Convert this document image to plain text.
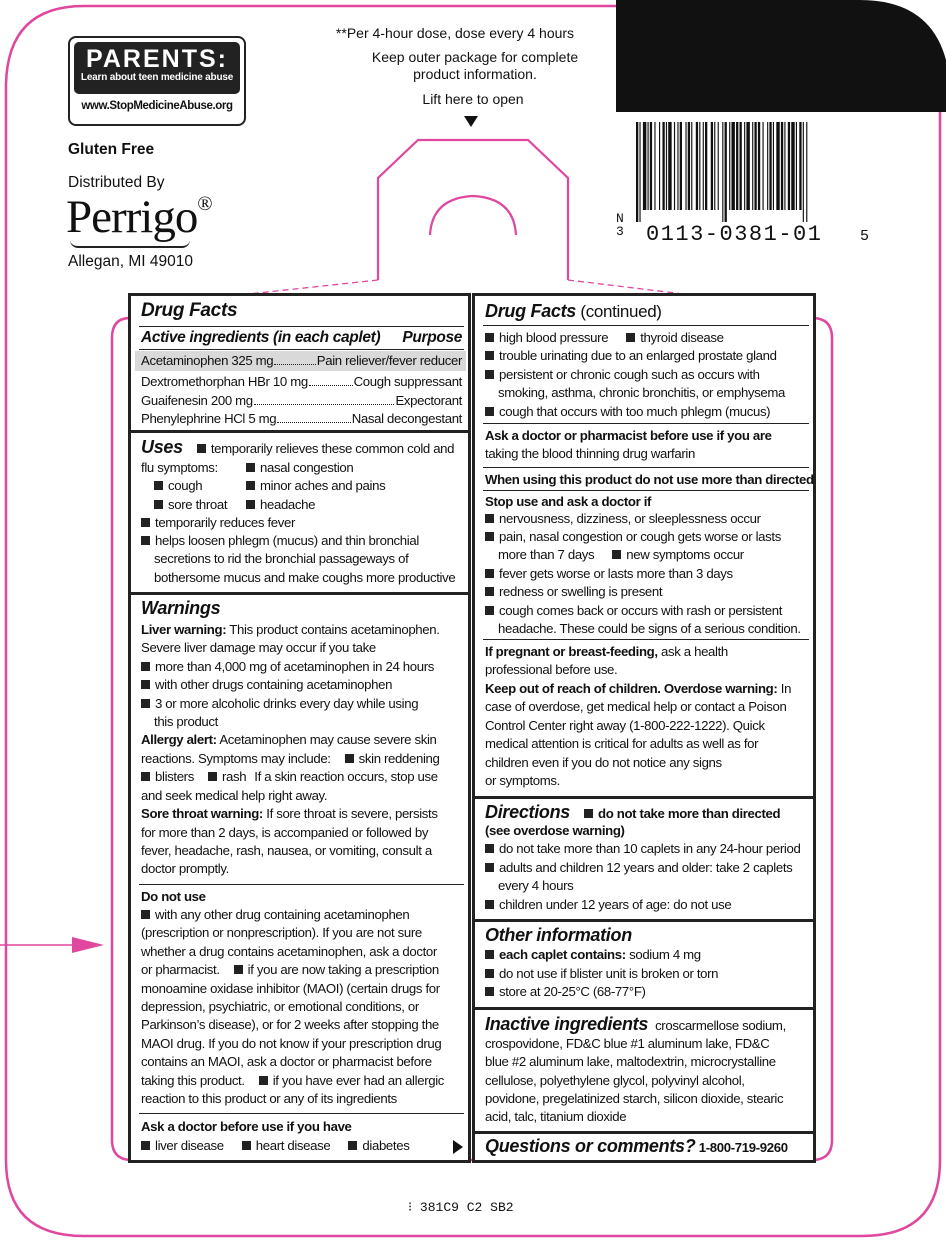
**Per 4-hour dose, dose every 4 hours
Keep outer package for complete
product information.
Lift here to open
PARENTS:
Learn about teen medicine abuse
www.StopMedicineAbuse.org
Gluten Free
Distributed By
Perrigo®
Allegan, MI 49010
N
3 0113-0381-01	5
⁝ 381C9 C2 SB2
Drug Facts
Active ingredients (in each caplet) Purpose
Acetaminophen 325 mg	Pain reliever/fever reducer
Dextromethorphan HBr 10 mg	Cough suppressant
Guaifenesin 200 mg	Expectorant
Phenylephrine HCl 5 mg	Nasal decongestant
Uses temporarily relieves these common cold and
flu symptoms:	nasal congestion
cough	minor aches and pains
sore throat	headache
temporarily reduces fever
helps loosen phlegm (mucus) and thin bronchial
secretions to rid the bronchial passageways of
bothersome mucus and make coughs more productive
Warnings
Liver warning: This product contains acetaminophen.
Severe liver damage may occur if you take
more than 4,000 mg of acetaminophen in 24 hours
with other drugs containing acetaminophen
3 or more alcoholic drinks every day while using
this product
Allergy alert: Acetaminophen may cause severe skin
reactions. Symptoms may include: skin reddening
blisters rash If a skin reaction occurs, stop use
and seek medical help right away.
Sore throat warning: If sore throat is severe, persists
for more than 2 days, is accompanied or followed by
fever, headache, rash, nausea, or vomiting, consult a
doctor promptly.
Do not use
with any other drug containing acetaminophen
(prescription or nonprescription). If you are not sure
whether a drug contains acetaminophen, ask a doctor
or pharmacist. if you are now taking a prescription
monoamine oxidase inhibitor (MAOI) (certain drugs for
depression, psychiatric, or emotional conditions, or
Parkinson’s disease), or for 2 weeks after stopping the
MAOI drug. If you do not know if your prescription drug
contains an MAOI, ask a doctor or pharmacist before
taking this product. if you have ever had an allergic
reaction to this product or any of its ingredients
Ask a doctor before use if you have
liver disease heart disease diabetes
Drug Facts (continued)
high blood pressure thyroid disease
trouble urinating due to an enlarged prostate gland
persistent or chronic cough such as occurs with
smoking, asthma, chronic bronchitis, or emphysema
cough that occurs with too much phlegm (mucus)
Ask a doctor or pharmacist before use if you are
taking the blood thinning drug warfarin
When using this product do not use more than directed
Stop use and ask a doctor if
nervousness, dizziness, or sleeplessness occur
pain, nasal congestion or cough gets worse or lasts
more than 7 days new symptoms occur
fever gets worse or lasts more than 3 days
redness or swelling is present
cough comes back or occurs with rash or persistent
headache. These could be signs of a serious condition.
If pregnant or breast-feeding, ask a health
professional before use.
Keep out of reach of children. Overdose warning: In
case of overdose, get medical help or contact a Poison
Control Center right away (1-800-222-1222). Quick
medical attention is critical for adults as well as for
children even if you do not notice any signs
or symptoms.
Directions do not take more than directed
(see overdose warning)
do not take more than 10 caplets in any 24-hour period
adults and children 12 years and older: take 2 caplets
every 4 hours
children under 12 years of age: do not use
Other information
each caplet contains: sodium 4 mg
do not use if blister unit is broken or torn
store at 20-25°C (68-77°F)
Inactive ingredients croscarmellose sodium,
crospovidone, FD&C blue #1 aluminum lake, FD&C
blue #2 aluminum lake, maltodextrin, microcrystalline
cellulose, polyethylene glycol, polyvinyl alcohol,
povidone, pregelatinized starch, silicon dioxide, stearic
acid, talc, titanium dioxide
Questions or comments? 1-800-719-9260
